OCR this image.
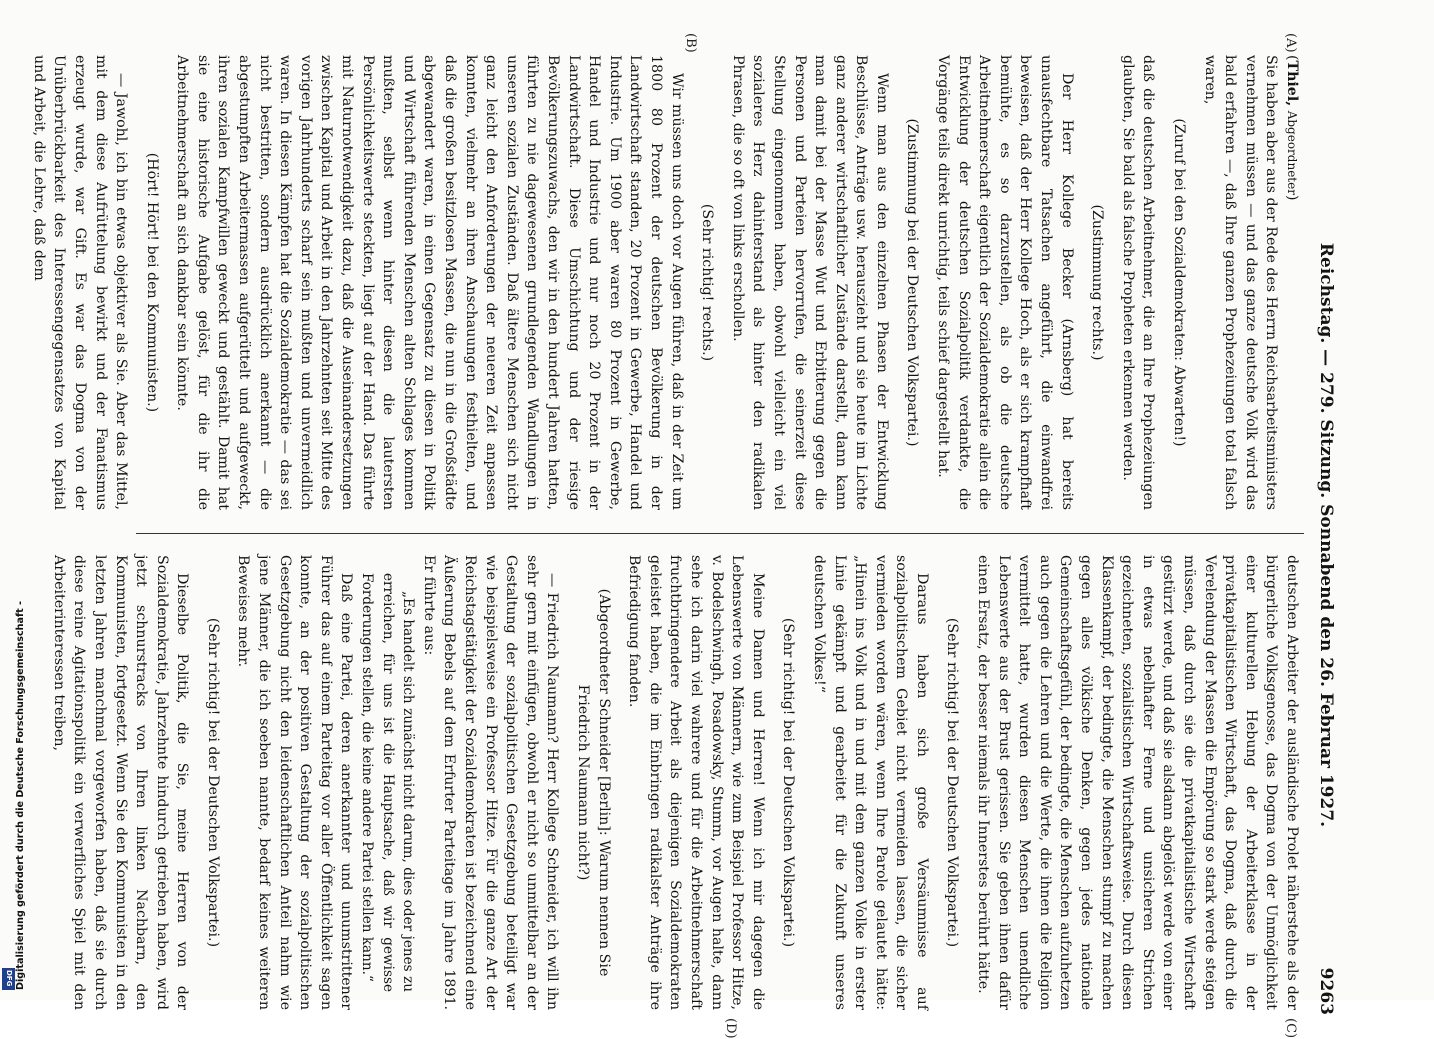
Reichstag. — 279. Sitzung. Sonnabend den 26. Februar 1927.
9263
(A)
(B)
(C)
(D)

(Thiel, Abgeordneter)

Sie haben aber aus der Rede des Herrn Reichsarbeitsministers vernehmen müssen — und das ganze deutsche Volk wird das bald erfahren —, daß Ihre ganzen Prophezeiungen total falsch waren,

(Zuruf bei den Sozialdemokraten: Abwarten!)

daß die deutschen Arbeitnehmer, die an Ihre Prophezeiungen glaubten, Sie bald als falsche Propheten erkennen werden.

(Zustimmung rechts.)

Der Herr Kollege Becker (Arnsberg) hat bereits unausfechtbare Tatsachen angeführt, die einwandfrei beweisen, daß der Herr Kollege Hoch, als er sich krampfhaft bemühte, es so darzustellen, als ob die deutsche Arbeitnehmerschaft eigentlich der Sozialdemokratie allein die Entwicklung der deutschen Sozialpolitik verdankte, die Vorgänge teils direkt unrichtig, teils schief dargestellt hat.

(Zustimmung bei der Deutschen Volkspartei.)

Wenn man aus den einzelnen Phasen der Entwicklung Beschlüsse, Anträge usw. herauszieht und sie heute im Lichte ganz anderer wirtschaftlicher Zustände darstellt, dann kann man damit bei der Masse Wut und Erbitterung gegen die Personen und Parteien hervorrufen, die seinerzeit diese Stellung eingenommen haben, obwohl vielleicht ein viel sozialeres Herz dahinterstand als hinter den radikalen Phrasen, die so oft von links erschollen.

(Sehr richtig! rechts.)

Wir müssen uns doch vor Augen führen, daß in der Zeit um 1800 80 Prozent der deutschen Bevölkerung in der Landwirtschaft standen, 20 Prozent in Gewerbe, Handel und Industrie. Um 1900 aber waren 80 Prozent in Gewerbe, Handel und Industrie und nur noch 20 Prozent in der Landwirtschaft. Diese Umschichtung und der riesige Bevölkerungszuwachs, den wir in den hundert Jahren hatten, führten zu nie dagewesenen grundlegenden Wandlungen in unseren sozialen Zuständen. Daß ältere Menschen sich nicht ganz leicht den Anforderungen der neueren Zeit anpassen konnten, vielmehr an ihren Anschauungen festhielten, und daß die großen besitzlosen Massen, die nun in die Großstädte abgewandert waren, in einen Gegensatz zu diesen in Politik und Wirtschaft führenden Menschen alten Schlages kommen mußten, selbst wenn hinter diesen die lautersten Persönlichkeitswerte steckten, liegt auf der Hand. Das führte mit Naturnotwendigkeit dazu, daß die Auseinandersetzungen zwischen Kapital und Arbeit in den Jahrzehnten seit Mitte des vorigen Jahrhunderts scharf sein mußten und unvermeidlich waren. In diesen Kämpfen hat die Sozialdemokratie — das sei nicht bestritten, sondern ausdrücklich anerkannt — die abgestumpften Arbeitermassen aufgerüttelt und aufgeweckt, ihren sozialen Kampfwillen geweckt und gestählt. Damit hat sie eine historische Aufgabe gelöst, für die ihr die Arbeitnehmerschaft an sich dankbar sein könnte.

(Hört! Hört! bei den Kommunisten.)

— Jawohl, ich bin etwas objektiver als Sie. Aber das Mittel, mit dem diese Aufrüttelung bewirkt und der Fanatismus erzeugt wurde, war Gift. Es war das Dogma von der Unüberbrückbarkeit des Interessengegensatzes von Kapital und Arbeit, die Lehre, daß dem

deutschen Arbeiter der ausländische Prolet näherstehe als der bürgerliche Volksgenosse, das Dogma von der Unmöglichkeit einer kulturellen Hebung der Arbeiterklasse in der privatkapitalistischen Wirtschaft, das Dogma, daß durch die Verelendung der Massen die Empörung so stark werde steigen müssen, daß durch sie die privatkapitalistische Wirtschaft gestürzt werde, und daß sie alsdann abgelöst werde von einer in etwas nebelhafter Ferne und unsicheren Strichen gezeichneten, sozialistischen Wirtschaftsweise. Durch diesen Klassenkampf, der bedingte, die Menschen stumpf zu machen gegen alles völkische Denken, gegen jedes nationale Gemeinschaftsgefühl, der bedingte, die Menschen aufzuhetzen auch gegen die Lehren und die Werte, die ihnen die Religion vermittelt hatte, wurden diesen Menschen unendliche Lebenswerte aus der Brust gerissen. Sie geben ihnen dafür einen Ersatz, der besser niemals ihr Innerstes berührt hätte.

(Sehr richtig! bei der Deutschen Volkspartei.)

Daraus haben sich große Versäumnisse auf sozialpolitischem Gebiet nicht vermeiden lassen, die sicher vermieden worden wären, wenn Ihre Parole gelautet hätte: „Hinein ins Volk und in und mit dem ganzen Volke in erster Linie gekämpft und gearbeitet für die Zukunft unseres deutschen Volkes!“

(Sehr richtig! bei der Deutschen Volkspartei.)

Meine Damen und Herren! Wenn ich mir dagegen die Lebenswerte von Männern, wie zum Beispiel Professor Hitze, v. Bodelschwingh, Posadowsky, Stumm, vor Augen halte, dann sehe ich darin viel wahrere und für die Arbeitnehmerschaft fruchtbringendere Arbeit als diejenigen Sozialdemokraten geleistet haben, die im Einbringen radikalster Anträge ihre Befriedigung fanden.

(Abgeordneter Schneider [Berlin]: Warum nennen Sie Friedrich Naumann nicht?)

— Friedrich Naumann? Herr Kollege Schneider, ich will ihn sehr gern mit einfügen, obwohl er nicht so unmittelbar an der Gestaltung der sozialpolitischen Gesetzgebung beteiligt war wie beispielsweise ein Professor Hitze. Für die ganze Art der Reichstagstätigkeit der Sozialdemokraten ist bezeichnend eine Äußerung Bebels auf dem Erfurter Parteitage im Jahre 1891. Er führte aus:

„Es handelt sich zunächst nicht darum, dies oder jenes zu erreichen, für uns ist die Hauptsache, daß wir gewisse Forderungen stellen, die keine andere Partei stellen kann.“

Daß eine Partei, deren anerkannter und unumstrittener Führer das auf einem Parteitag vor aller Öffentlichkeit sagen konnte, an der positiven Gestaltung der sozialpolitischen Gesetzgebung nicht den leidenschaftlichen Anteil nahm wie jene Männer, die ich soeben nannte, bedarf keines weiteren Beweises mehr.

(Sehr richtig! bei der Deutschen Volkspartei.)

Dieselbe Politik, die Sie, meine Herren von der Sozialdemokratie, Jahrzehnte hindurch getrieben haben, wird jetzt schnurstracks von Ihren linken Nachbarn, den Kommunisten, fortgesetzt. Wenn Sie den Kommunisten in den letzten Jahren manchmal vorgeworfen haben, daß sie durch diese reine Agitationspolitik ein verwerfliches Spiel mit den Arbeiterinteressen treiben,

Digitalisierung gefördert durch die Deutsche Forschungsgemeinschaft -
DFG
